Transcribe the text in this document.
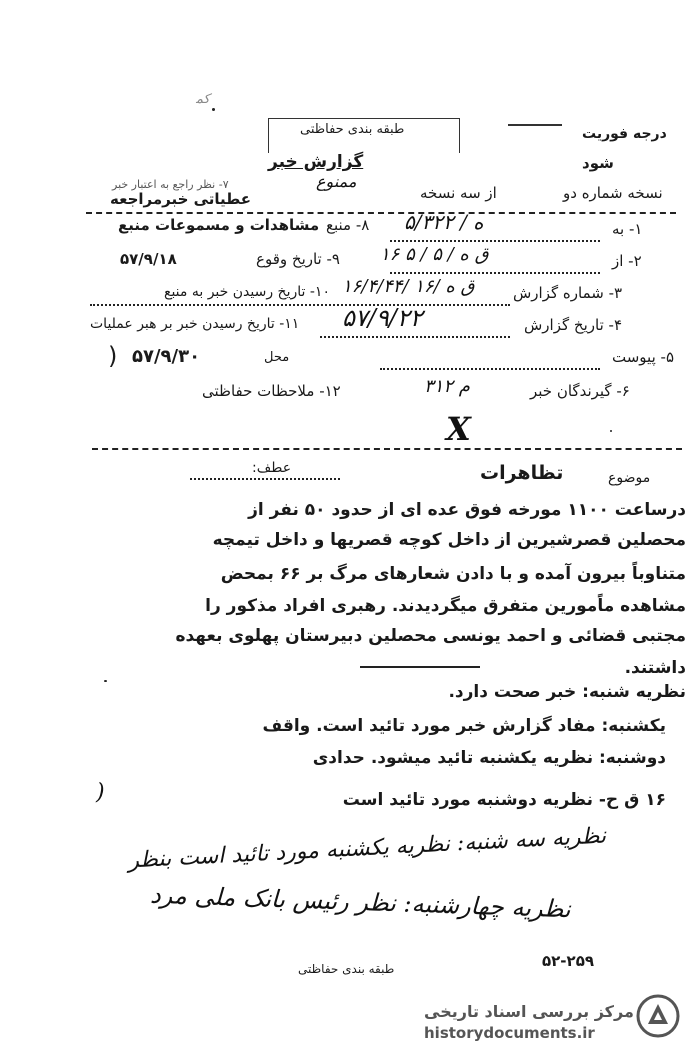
ﮐﻤ
طبقه بندی حفاظتی	درجه فوریت
گزارش خبر
ممنوع
شود
نسخه شماره دو
از سه نسخه
۷- نظر راجع به اعتبار خبر
عطیاتی خبرمراجعه
۱- به
۵/ه / ۳۲۲
۲- از
۱۶ ق ه / ۵ / ۵
۳- شماره گزارش
۱۶/۴/۴۴/ ۱۶/ ق ه
۴- تاریخ گزارش
۵۷/۹/۲۲
۵- پیوست
۶- گیرندگان خبر
۳۱۲ م
۸- منبع
مشاهدات و مسموعات منبع
۹- تاریخ وقوع
۵۷/۹/۱۸
۱۰- تاریخ رسیدن خبر به منبع
۱۱- تاریخ رسیدن خبر بر هبر عملیات
محل
۵۷/۹/۳۰
)
۱۲- ملاحظات حفاظتی
X
موضوع
تظاهرات
عطف:
درساعت ۱۱۰۰ مورخه فوق عده ای از حدود ۵۰ نفر از
محصلین قصرشیرین از داخل کوچه قصریها و داخل تیمچه
متناوباً بیرون آمده و با دادن شعارهای مرگ بر ۶۶ بمحض
مشاهده ماًمورین متفرق میگردیدند. رهبری افراد مذکور را
مجتبی قضائی و احمد یونسی محصلین دبیرستان پهلوی بعهده
داشتند.
نظریه شنبه: خبر صحت دارد.
یکشنبه: مفاد گزارش خبر مورد تائید است. واقف
دوشنبه: نظریه یکشنبه تائید میشود. حدادی
۱۶ ق ح- نظریه دوشنبه مورد تائید است
)
نظریه سه شنبه: نظریه یکشنبه مورد تائید است بنظر
نظریه چهارشنبه: نظر رئیس بانک ملی مرد
۵۲-۲۵۹
طبقه بندی حفاظتی
مرکز بررسی اسناد تاریخی
historydocuments.ir
